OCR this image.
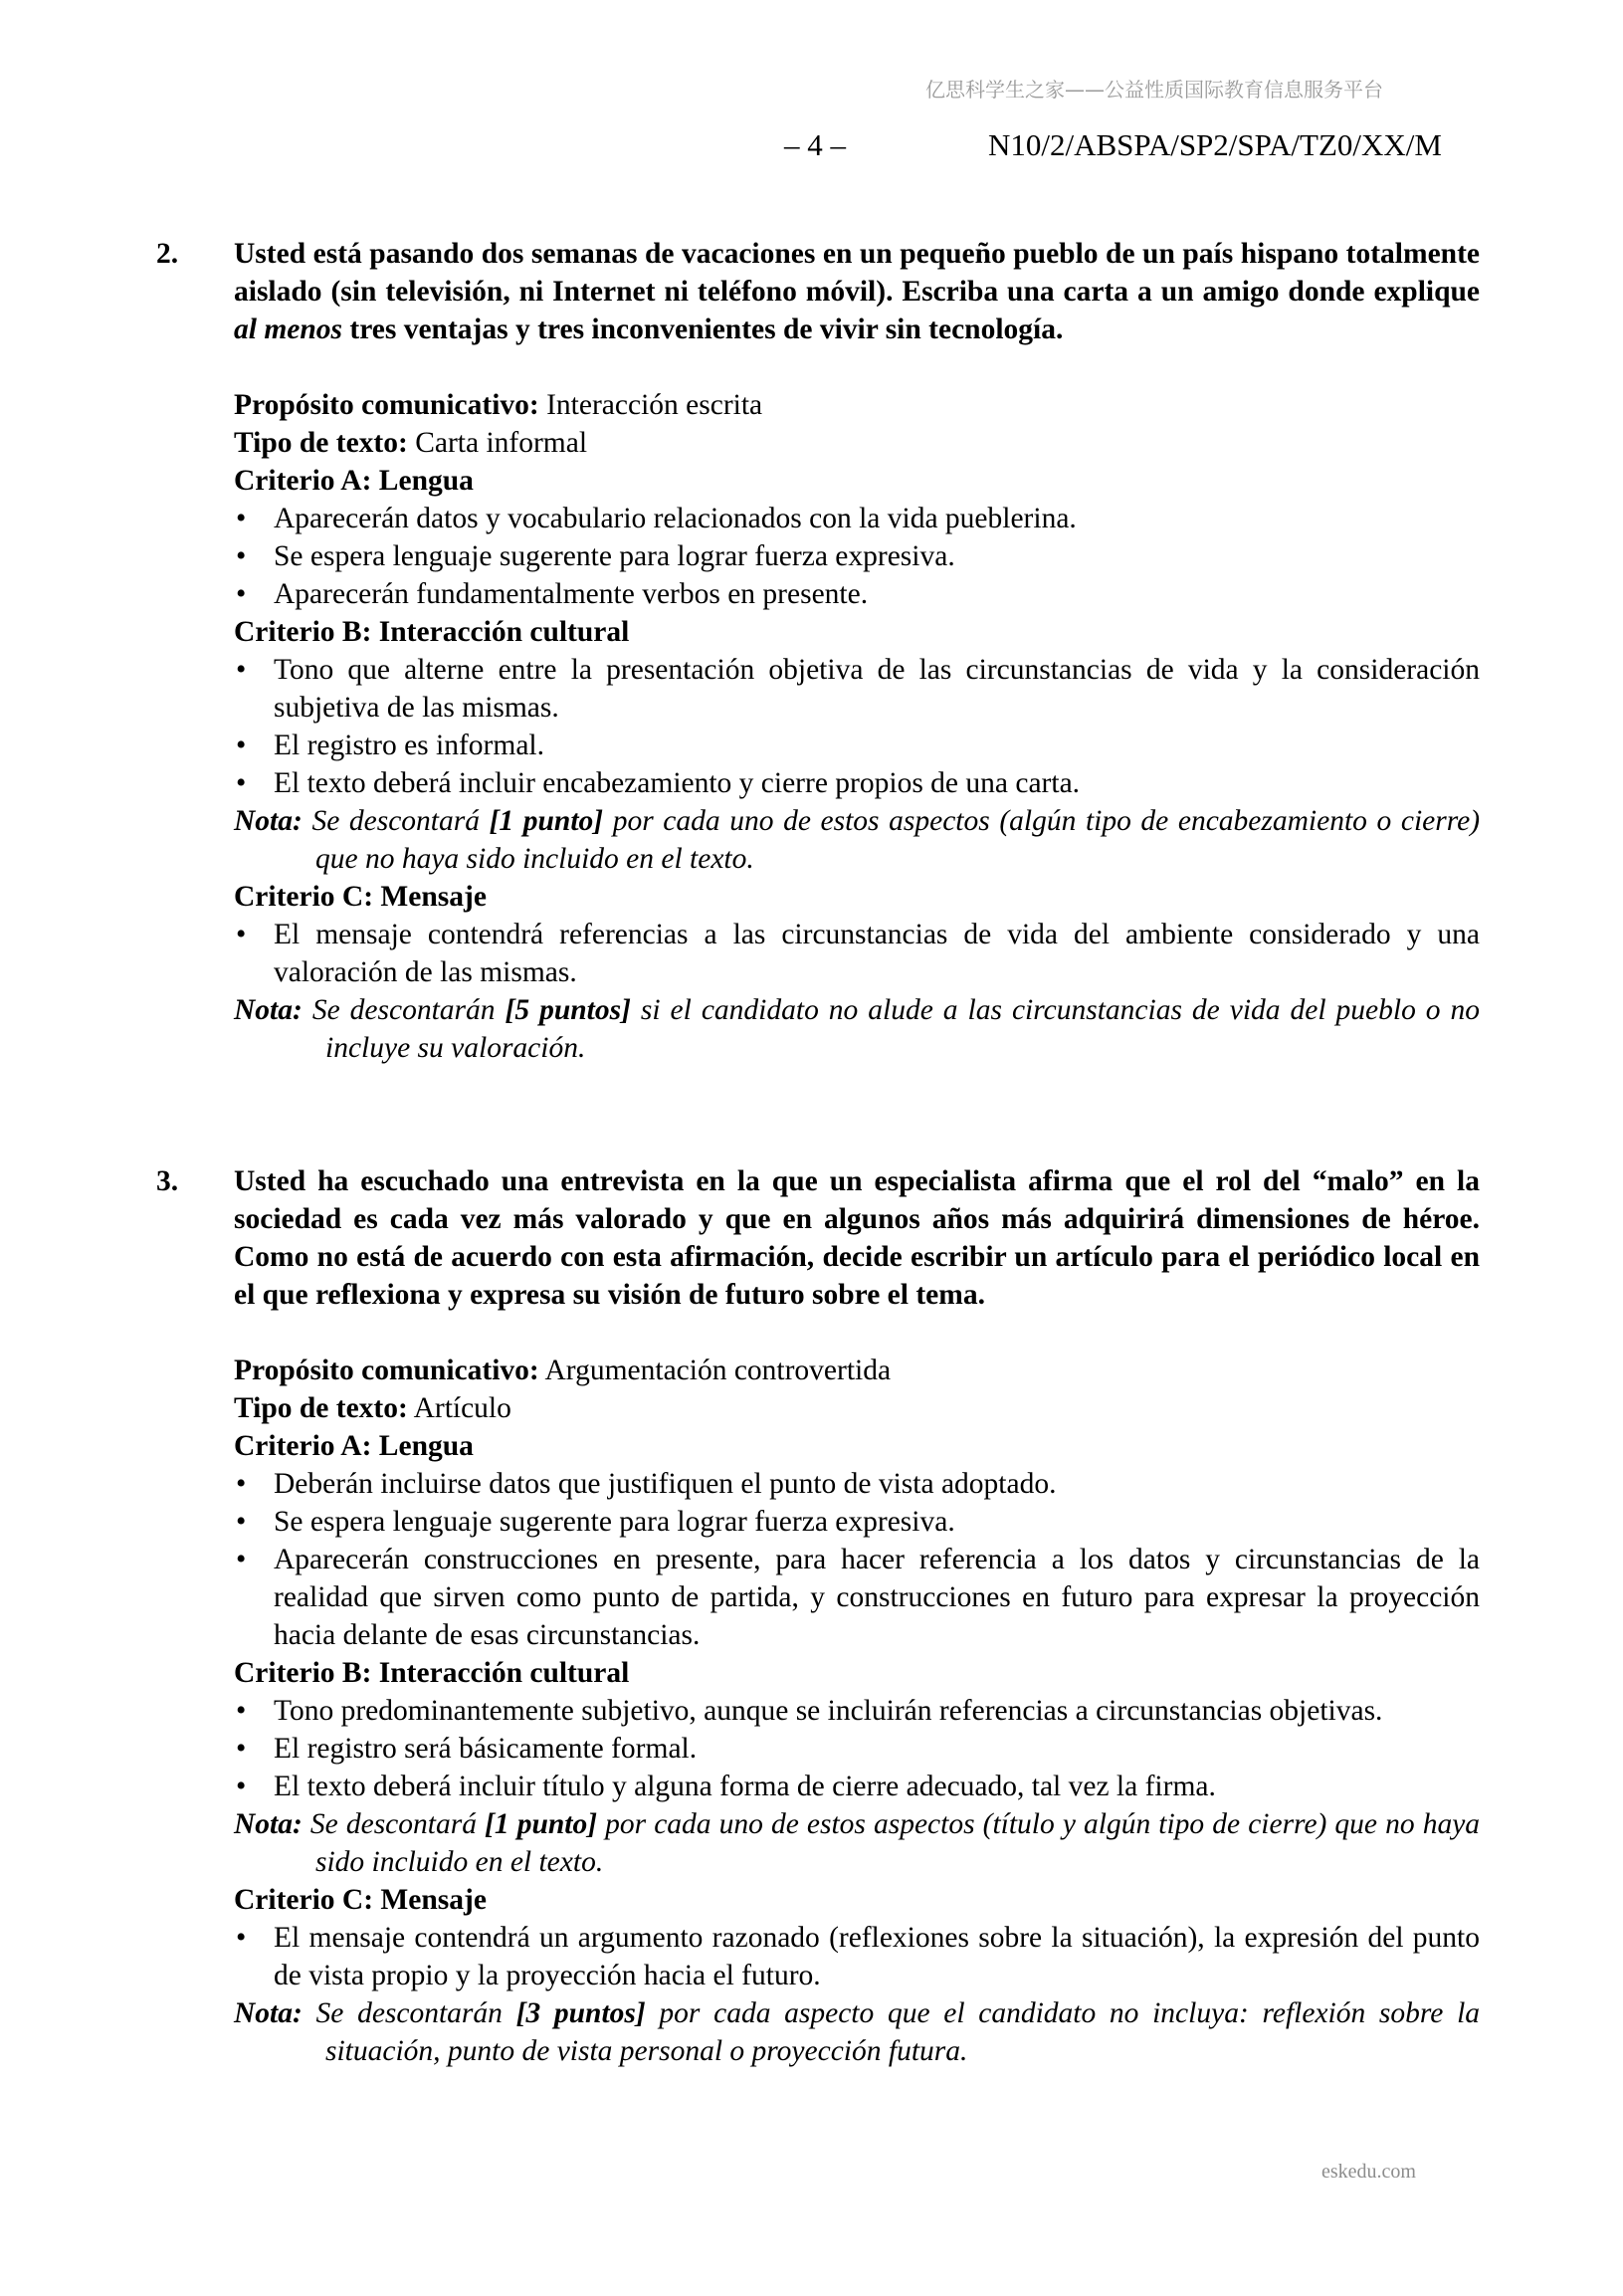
亿思科学生之家——公益性质国际教育信息服务平台
– 4 –	N10/2/ABSPA/SP2/SPA/TZ0/XX/M
2. Usted está pasando dos semanas de vacaciones en un pequeño pueblo de un país hispano totalmente aislado (sin televisión, ni Internet ni teléfono móvil). Escriba una carta a un amigo donde explique al menos tres ventajas y tres inconvenientes de vivir sin tecnología.

Propósito comunicativo: Interacción escrita

Tipo de texto: Carta informal

Criterio A: Lengua

• Aparecerán datos y vocabulario relacionados con la vida pueblerina.
• Se espera lenguaje sugerente para lograr fuerza expresiva.
• Aparecerán fundamentalmente verbos en presente.

Criterio B: Interacción cultural

• Tono que alterne entre la presentación objetiva de las circunstancias de vida y la consideración subjetiva de las mismas.
• El registro es informal.
• El texto deberá incluir encabezamiento y cierre propios de una carta.

Nota: Se descontará [1 punto] por cada uno de estos aspectos (algún tipo de encabezamiento o cierre) que no haya sido incluido en el texto.

Criterio C: Mensaje

• El mensaje contendrá referencias a las circunstancias de vida del ambiente considerado y una valoración de las mismas.

Nota: Se descontarán [5 puntos] si el candidato no alude a las circunstancias de vida del pueblo o no incluye su valoración.

3. Usted ha escuchado una entrevista en la que un especialista afirma que el rol del “malo” en la sociedad es cada vez más valorado y que en algunos años más adquirirá dimensiones de héroe. Como no está de acuerdo con esta afirmación, decide escribir un artículo para el periódico local en el que reflexiona y expresa su visión de futuro sobre el tema.

Propósito comunicativo: Argumentación controvertida

Tipo de texto: Artículo

Criterio A: Lengua

• Deberán incluirse datos que justifiquen el punto de vista adoptado.
• Se espera lenguaje sugerente para lograr fuerza expresiva.
• Aparecerán construcciones en presente, para hacer referencia a los datos y circunstancias de la realidad que sirven como punto de partida, y construcciones en futuro para expresar la proyección hacia delante de esas circunstancias.

Criterio B: Interacción cultural

• Tono predominantemente subjetivo, aunque se incluirán referencias a circunstancias objetivas.
• El registro será básicamente formal.
• El texto deberá incluir título y alguna forma de cierre adecuado, tal vez la firma.

Nota: Se descontará [1 punto] por cada uno de estos aspectos (título y algún tipo de cierre) que no haya sido incluido en el texto.

Criterio C: Mensaje

• El mensaje contendrá un argumento razonado (reflexiones sobre la situación), la expresión del punto de vista propio y la proyección hacia el futuro.

Nota: Se descontarán [3 puntos] por cada aspecto que el candidato no incluya: reflexión sobre la situación, punto de vista personal o proyección futura.

eskedu.com
